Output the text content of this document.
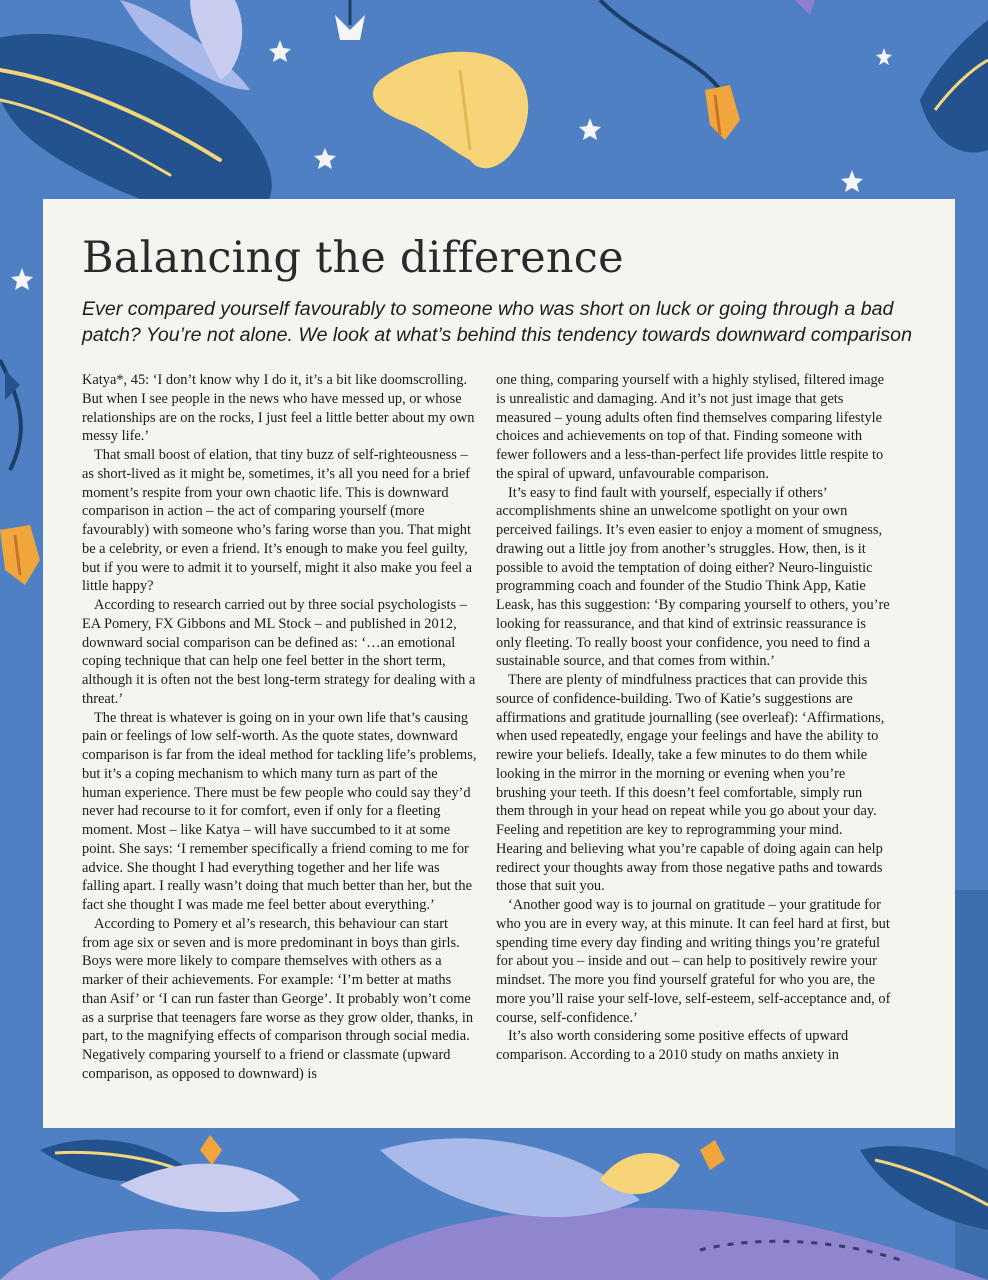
Balancing the difference

Ever compared yourself favourably to someone who was short on luck or going through a bad patch? You’re not alone. We look at what’s behind this tendency towards downward comparison

Katya*, 45: ‘I don’t know why I do it, it’s a bit like doomscrolling. But when I see people in the news who have messed up, or whose relationships are on the rocks, I just feel a little better about my own messy life.’

That small boost of elation, that tiny buzz of self-righteousness – as short-lived as it might be, sometimes, it’s all you need for a brief moment’s respite from your own chaotic life. This is downward comparison in action – the act of comparing yourself (more favourably) with someone who’s faring worse than you. That might be a celebrity, or even a friend. It’s enough to make you feel guilty, but if you were to admit it to yourself, might it also make you feel a little happy?

According to research carried out by three social psychologists – EA Pomery, FX Gibbons and ML Stock – and published in 2012, downward social comparison can be defined as: ‘…an emotional coping technique that can help one feel better in the short term, although it is often not the best long-term strategy for dealing with a threat.’

The threat is whatever is going on in your own life that’s causing pain or feelings of low self-worth. As the quote states, downward comparison is far from the ideal method for tackling life’s problems, but it’s a coping mechanism to which many turn as part of the human experience. There must be few people who could say they’d never had recourse to it for comfort, even if only for a fleeting moment. Most – like Katya – will have succumbed to it at some point. She says: ‘I remember specifically a friend coming to me for advice. She thought I had everything together and her life was falling apart. I really wasn’t doing that much better than her, but the fact she thought I was made me feel better about everything.’

According to Pomery et al’s research, this behaviour can start from age six or seven and is more predominant in boys than girls. Boys were more likely to compare themselves with others as a marker of their achievements. For example: ‘I’m better at maths than Asif’ or ‘I can run faster than George’. It probably won’t come as a surprise that teenagers fare worse as they grow older, thanks, in part, to the magnifying effects of comparison through social media. Negatively comparing yourself to a friend or classmate (upward comparison, as opposed to downward) is

one thing, comparing yourself with a highly stylised, filtered image is unrealistic and damaging. And it’s not just image that gets measured – young adults often find themselves comparing lifestyle choices and achievements on top of that. Finding someone with fewer followers and a less-than-perfect life provides little respite to the spiral of upward, unfavourable comparison.

It’s easy to find fault with yourself, especially if others’ accomplishments shine an unwelcome spotlight on your own perceived failings. It’s even easier to enjoy a moment of smugness, drawing out a little joy from another’s struggles. How, then, is it possible to avoid the temptation of doing either? Neuro-linguistic programming coach and founder of the Studio Think App, Katie Leask, has this suggestion: ‘By comparing yourself to others, you’re looking for reassurance, and that kind of extrinsic reassurance is only fleeting. To really boost your confidence, you need to find a sustainable source, and that comes from within.’

There are plenty of mindfulness practices that can provide this source of confidence-building. Two of Katie’s suggestions are affirmations and gratitude journalling (see overleaf): ‘Affirmations, when used repeatedly, engage your feelings and have the ability to rewire your beliefs. Ideally, take a few minutes to do them while looking in the mirror in the morning or evening when you’re brushing your teeth. If this doesn’t feel comfortable, simply run them through in your head on repeat while you go about your day. Feeling and repetition are key to reprogramming your mind. Hearing and believing what you’re capable of doing again can help redirect your thoughts away from those negative paths and towards those that suit you.

‘Another good way is to journal on gratitude – your gratitude for who you are in every way, at this minute. It can feel hard at first, but spending time every day finding and writing things you’re grateful for about you – inside and out – can help to positively rewire your mindset. The more you find yourself grateful for who you are, the more you’ll raise your self-love, self-esteem, self-acceptance and, of course, self-confidence.’

It’s also worth considering some positive effects of upward comparison. According to a 2010 study on maths anxiety in
